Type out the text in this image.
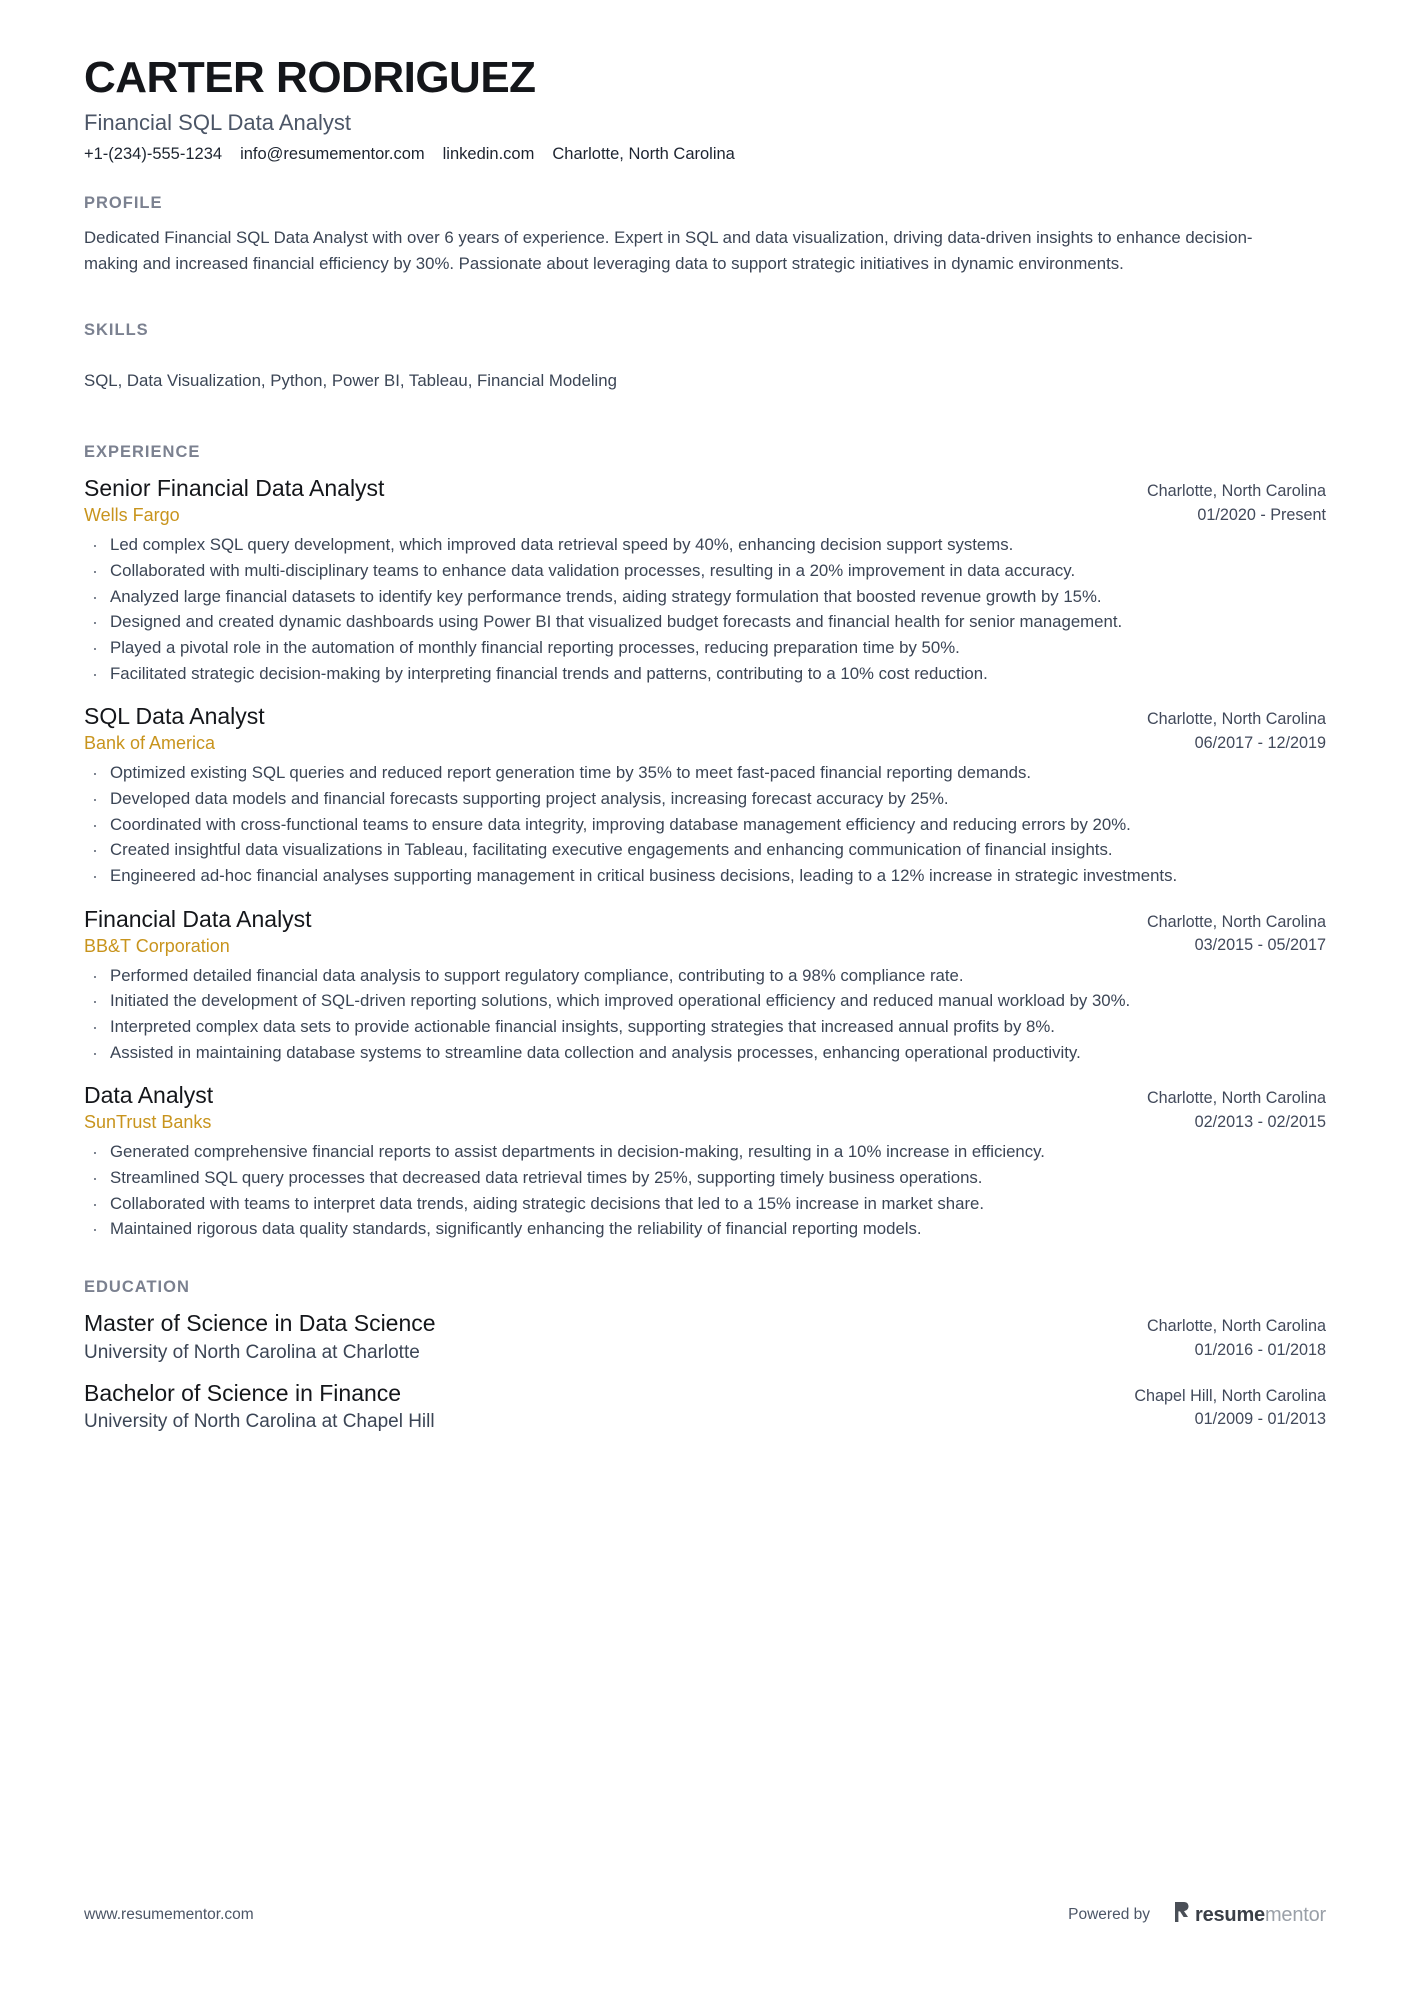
CARTER RODRIGUEZ
Financial SQL Data Analyst
+1-(234)-555-1234 info@resumementor.com linkedin.com Charlotte, North Carolina
PROFILE
Dedicated Financial SQL Data Analyst with over 6 years of experience. Expert in SQL and data visualization, driving data-driven insights to enhance decision-making and increased financial efficiency by 30%. Passionate about leveraging data to support strategic initiatives in dynamic environments.
SKILLS
SQL, Data Visualization, Python, Power BI, Tableau, Financial Modeling
EXPERIENCE
Senior Financial Data Analyst
Wells Fargo
Charlotte, North Carolina
01/2020 - Present
· Led complex SQL query development, which improved data retrieval speed by 40%, enhancing decision support systems.
· Collaborated with multi-disciplinary teams to enhance data validation processes, resulting in a 20% improvement in data accuracy.
· Analyzed large financial datasets to identify key performance trends, aiding strategy formulation that boosted revenue growth by 15%.
· Designed and created dynamic dashboards using Power BI that visualized budget forecasts and financial health for senior management.
· Played a pivotal role in the automation of monthly financial reporting processes, reducing preparation time by 50%.
· Facilitated strategic decision-making by interpreting financial trends and patterns, contributing to a 10% cost reduction.
SQL Data Analyst
Bank of America
Charlotte, North Carolina
06/2017 - 12/2019
· Optimized existing SQL queries and reduced report generation time by 35% to meet fast-paced financial reporting demands.
· Developed data models and financial forecasts supporting project analysis, increasing forecast accuracy by 25%.
· Coordinated with cross-functional teams to ensure data integrity, improving database management efficiency and reducing errors by 20%.
· Created insightful data visualizations in Tableau, facilitating executive engagements and enhancing communication of financial insights.
· Engineered ad-hoc financial analyses supporting management in critical business decisions, leading to a 12% increase in strategic investments.
Financial Data Analyst
BB&T Corporation
Charlotte, North Carolina
03/2015 - 05/2017
· Performed detailed financial data analysis to support regulatory compliance, contributing to a 98% compliance rate.
· Initiated the development of SQL-driven reporting solutions, which improved operational efficiency and reduced manual workload by 30%.
· Interpreted complex data sets to provide actionable financial insights, supporting strategies that increased annual profits by 8%.
· Assisted in maintaining database systems to streamline data collection and analysis processes, enhancing operational productivity.
Data Analyst
SunTrust Banks
Charlotte, North Carolina
02/2013 - 02/2015
· Generated comprehensive financial reports to assist departments in decision-making, resulting in a 10% increase in efficiency.
· Streamlined SQL query processes that decreased data retrieval times by 25%, supporting timely business operations.
· Collaborated with teams to interpret data trends, aiding strategic decisions that led to a 15% increase in market share.
· Maintained rigorous data quality standards, significantly enhancing the reliability of financial reporting models.
EDUCATION
Master of Science in Data Science
University of North Carolina at Charlotte
Charlotte, North Carolina
01/2016 - 01/2018
Bachelor of Science in Finance
University of North Carolina at Chapel Hill
Chapel Hill, North Carolina
01/2009 - 01/2013
www.resumementor.com	Powered by resumementor
